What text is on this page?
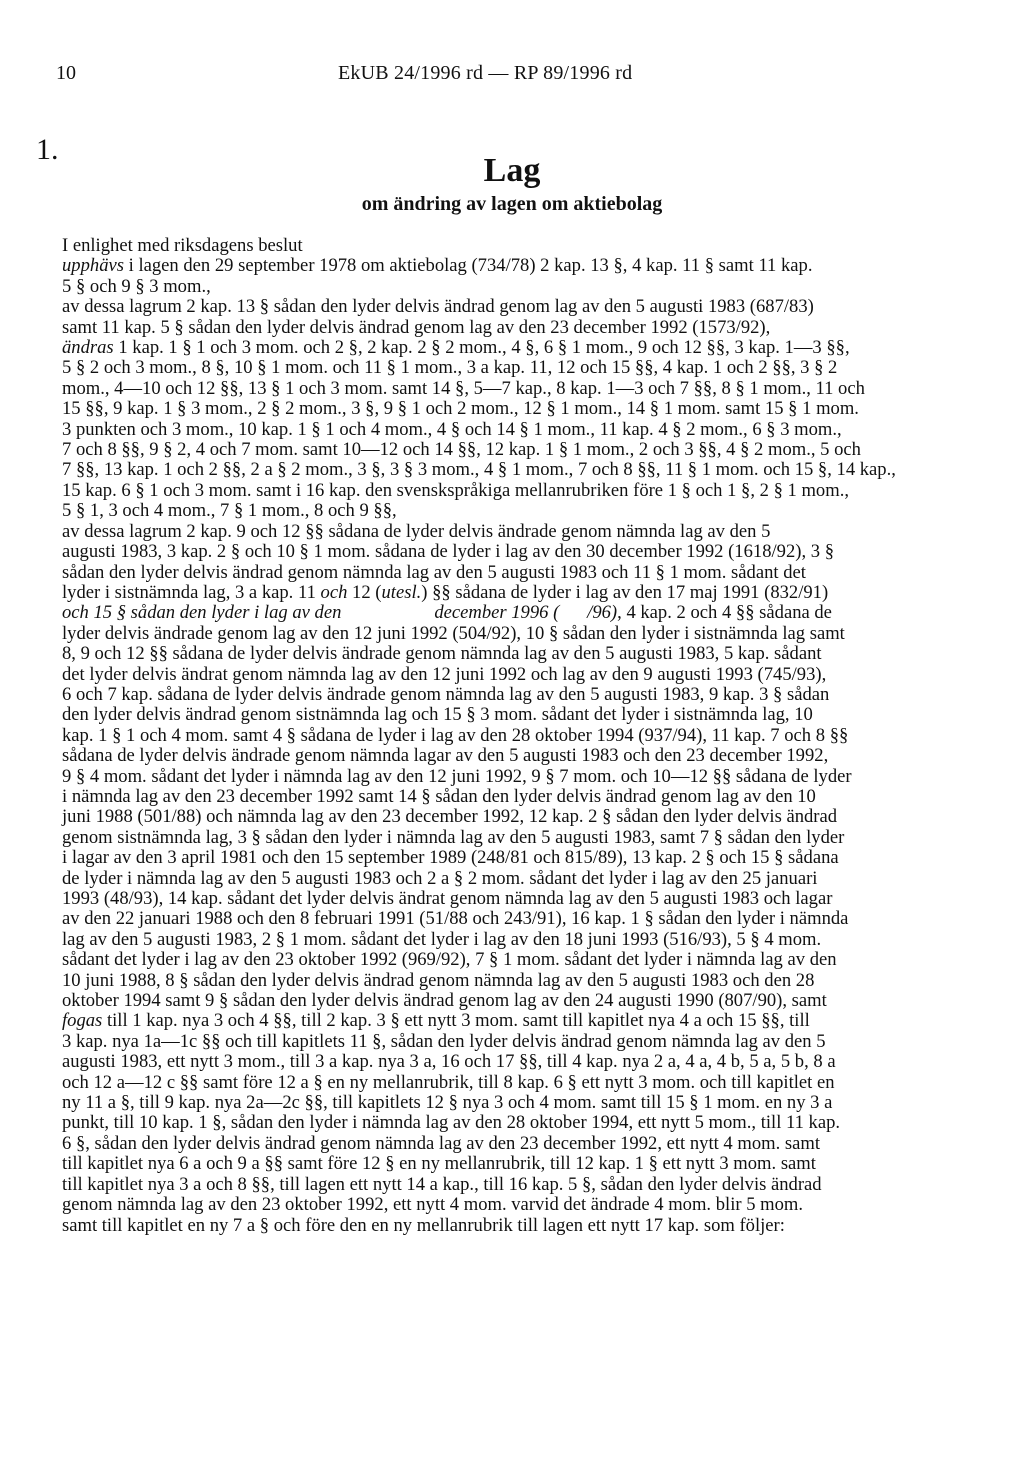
10	EkUB 24/1996 rd — RP 89/1996 rd
1.
Lag
om ändring av lagen om aktiebolag
I enlighet med riksdagens beslut
upphävs i lagen den 29 september 1978 om aktiebolag (734/78) 2 kap. 13 §, 4 kap. 11 § samt 11 kap.
5 § och 9 § 3 mom.,
av dessa lagrum 2 kap. 13 § sådan den lyder delvis ändrad genom lag av den 5 augusti 1983 (687/83)
samt 11 kap. 5 § sådan den lyder delvis ändrad genom lag av den 23 december 1992 (1573/92),
ändras 1 kap. 1 § 1 och 3 mom. och 2 §, 2 kap. 2 § 2 mom., 4 §, 6 § 1 mom., 9 och 12 §§, 3 kap. 1—3 §§,
5 § 2 och 3 mom., 8 §, 10 § 1 mom. och 11 § 1 mom., 3 a kap. 11, 12 och 15 §§, 4 kap. 1 och 2 §§, 3 § 2
mom., 4—10 och 12 §§, 13 § 1 och 3 mom. samt 14 §, 5—7 kap., 8 kap. 1—3 och 7 §§, 8 § 1 mom., 11 och
15 §§, 9 kap. 1 § 3 mom., 2 § 2 mom., 3 §, 9 § 1 och 2 mom., 12 § 1 mom., 14 § 1 mom. samt 15 § 1 mom.
3 punkten och 3 mom., 10 kap. 1 § 1 och 4 mom., 4 § och 14 § 1 mom., 11 kap. 4 § 2 mom., 6 § 3 mom.,
7 och 8 §§, 9 § 2, 4 och 7 mom. samt 10—12 och 14 §§, 12 kap. 1 § 1 mom., 2 och 3 §§, 4 § 2 mom., 5 och
7 §§, 13 kap. 1 och 2 §§, 2 a § 2 mom., 3 §, 3 § 3 mom., 4 § 1 mom., 7 och 8 §§, 11 § 1 mom. och 15 §, 14 kap.,
15 kap. 6 § 1 och 3 mom. samt i 16 kap. den svenskspråkiga mellanrubriken före 1 § och 1 §, 2 § 1 mom.,
5 § 1, 3 och 4 mom., 7 § 1 mom., 8 och 9 §§,
av dessa lagrum 2 kap. 9 och 12 §§ sådana de lyder delvis ändrade genom nämnda lag av den 5
augusti 1983, 3 kap. 2 § och 10 § 1 mom. sådana de lyder i lag av den 30 december 1992 (1618/92), 3 §
sådan den lyder delvis ändrad genom nämnda lag av den 5 augusti 1983 och 11 § 1 mom. sådant det
lyder i sistnämnda lag, 3 a kap. 11 och 12 (utesl.) §§ sådana de lyder i lag av den 17 maj 1991 (832/91)
och 15 § sådan den lyder i lag av den                    december 1996 (      /96), 4 kap. 2 och 4 §§ sådana de
lyder delvis ändrade genom lag av den 12 juni 1992 (504/92), 10 § sådan den lyder i sistnämnda lag samt
8, 9 och 12 §§ sådana de lyder delvis ändrade genom nämnda lag av den 5 augusti 1983, 5 kap. sådant
det lyder delvis ändrat genom nämnda lag av den 12 juni 1992 och lag av den 9 augusti 1993 (745/93),
6 och 7 kap. sådana de lyder delvis ändrade genom nämnda lag av den 5 augusti 1983, 9 kap. 3 § sådan
den lyder delvis ändrad genom sistnämnda lag och 15 § 3 mom. sådant det lyder i sistnämnda lag, 10
kap. 1 § 1 och 4 mom. samt 4 § sådana de lyder i lag av den 28 oktober 1994 (937/94), 11 kap. 7 och 8 §§
sådana de lyder delvis ändrade genom nämnda lagar av den 5 augusti 1983 och den 23 december 1992,
9 § 4 mom. sådant det lyder i nämnda lag av den 12 juni 1992, 9 § 7 mom. och 10—12 §§ sådana de lyder
i nämnda lag av den 23 december 1992 samt 14 § sådan den lyder delvis ändrad genom lag av den 10
juni 1988 (501/88) och nämnda lag av den 23 december 1992, 12 kap. 2 § sådan den lyder delvis ändrad
genom sistnämnda lag, 3 § sådan den lyder i nämnda lag av den 5 augusti 1983, samt 7 § sådan den lyder
i lagar av den 3 april 1981 och den 15 september 1989 (248/81 och 815/89), 13 kap. 2 § och 15 § sådana
de lyder i nämnda lag av den 5 augusti 1983 och 2 a § 2 mom. sådant det lyder i lag av den 25 januari
1993 (48/93), 14 kap. sådant det lyder delvis ändrat genom nämnda lag av den 5 augusti 1983 och lagar
av den 22 januari 1988 och den 8 februari 1991 (51/88 och 243/91), 16 kap. 1 § sådan den lyder i nämnda
lag av den 5 augusti 1983, 2 § 1 mom. sådant det lyder i lag av den 18 juni 1993 (516/93), 5 § 4 mom.
sådant det lyder i lag av den 23 oktober 1992 (969/92), 7 § 1 mom. sådant det lyder i nämnda lag av den
10 juni 1988, 8 § sådan den lyder delvis ändrad genom nämnda lag av den 5 augusti 1983 och den 28
oktober 1994 samt 9 § sådan den lyder delvis ändrad genom lag av den 24 augusti 1990 (807/90), samt
fogas till 1 kap. nya 3 och 4 §§, till 2 kap. 3 § ett nytt 3 mom. samt till kapitlet nya 4 a och 15 §§, till
3 kap. nya 1a—1c §§ och till kapitlets 11 §, sådan den lyder delvis ändrad genom nämnda lag av den 5
augusti 1983, ett nytt 3 mom., till 3 a kap. nya 3 a, 16 och 17 §§, till 4 kap. nya 2 a, 4 a, 4 b, 5 a, 5 b, 8 a
och 12 a—12 c §§ samt före 12 a § en ny mellanrubrik, till 8 kap. 6 § ett nytt 3 mom. och till kapitlet en
ny 11 a §, till 9 kap. nya 2a—2c §§, till kapitlets 12 § nya 3 och 4 mom. samt till 15 § 1 mom. en ny 3 a
punkt, till 10 kap. 1 §, sådan den lyder i nämnda lag av den 28 oktober 1994, ett nytt 5 mom., till 11 kap.
6 §, sådan den lyder delvis ändrad genom nämnda lag av den 23 december 1992, ett nytt 4 mom. samt
till kapitlet nya 6 a och 9 a §§ samt före 12 § en ny mellanrubrik, till 12 kap. 1 § ett nytt 3 mom. samt
till kapitlet nya 3 a och 8 §§, till lagen ett nytt 14 a kap., till 16 kap. 5 §, sådan den lyder delvis ändrad
genom nämnda lag av den 23 oktober 1992, ett nytt 4 mom. varvid det ändrade 4 mom. blir 5 mom.
samt till kapitlet en ny 7 a § och före den en ny mellanrubrik till lagen ett nytt 17 kap. som följer:
